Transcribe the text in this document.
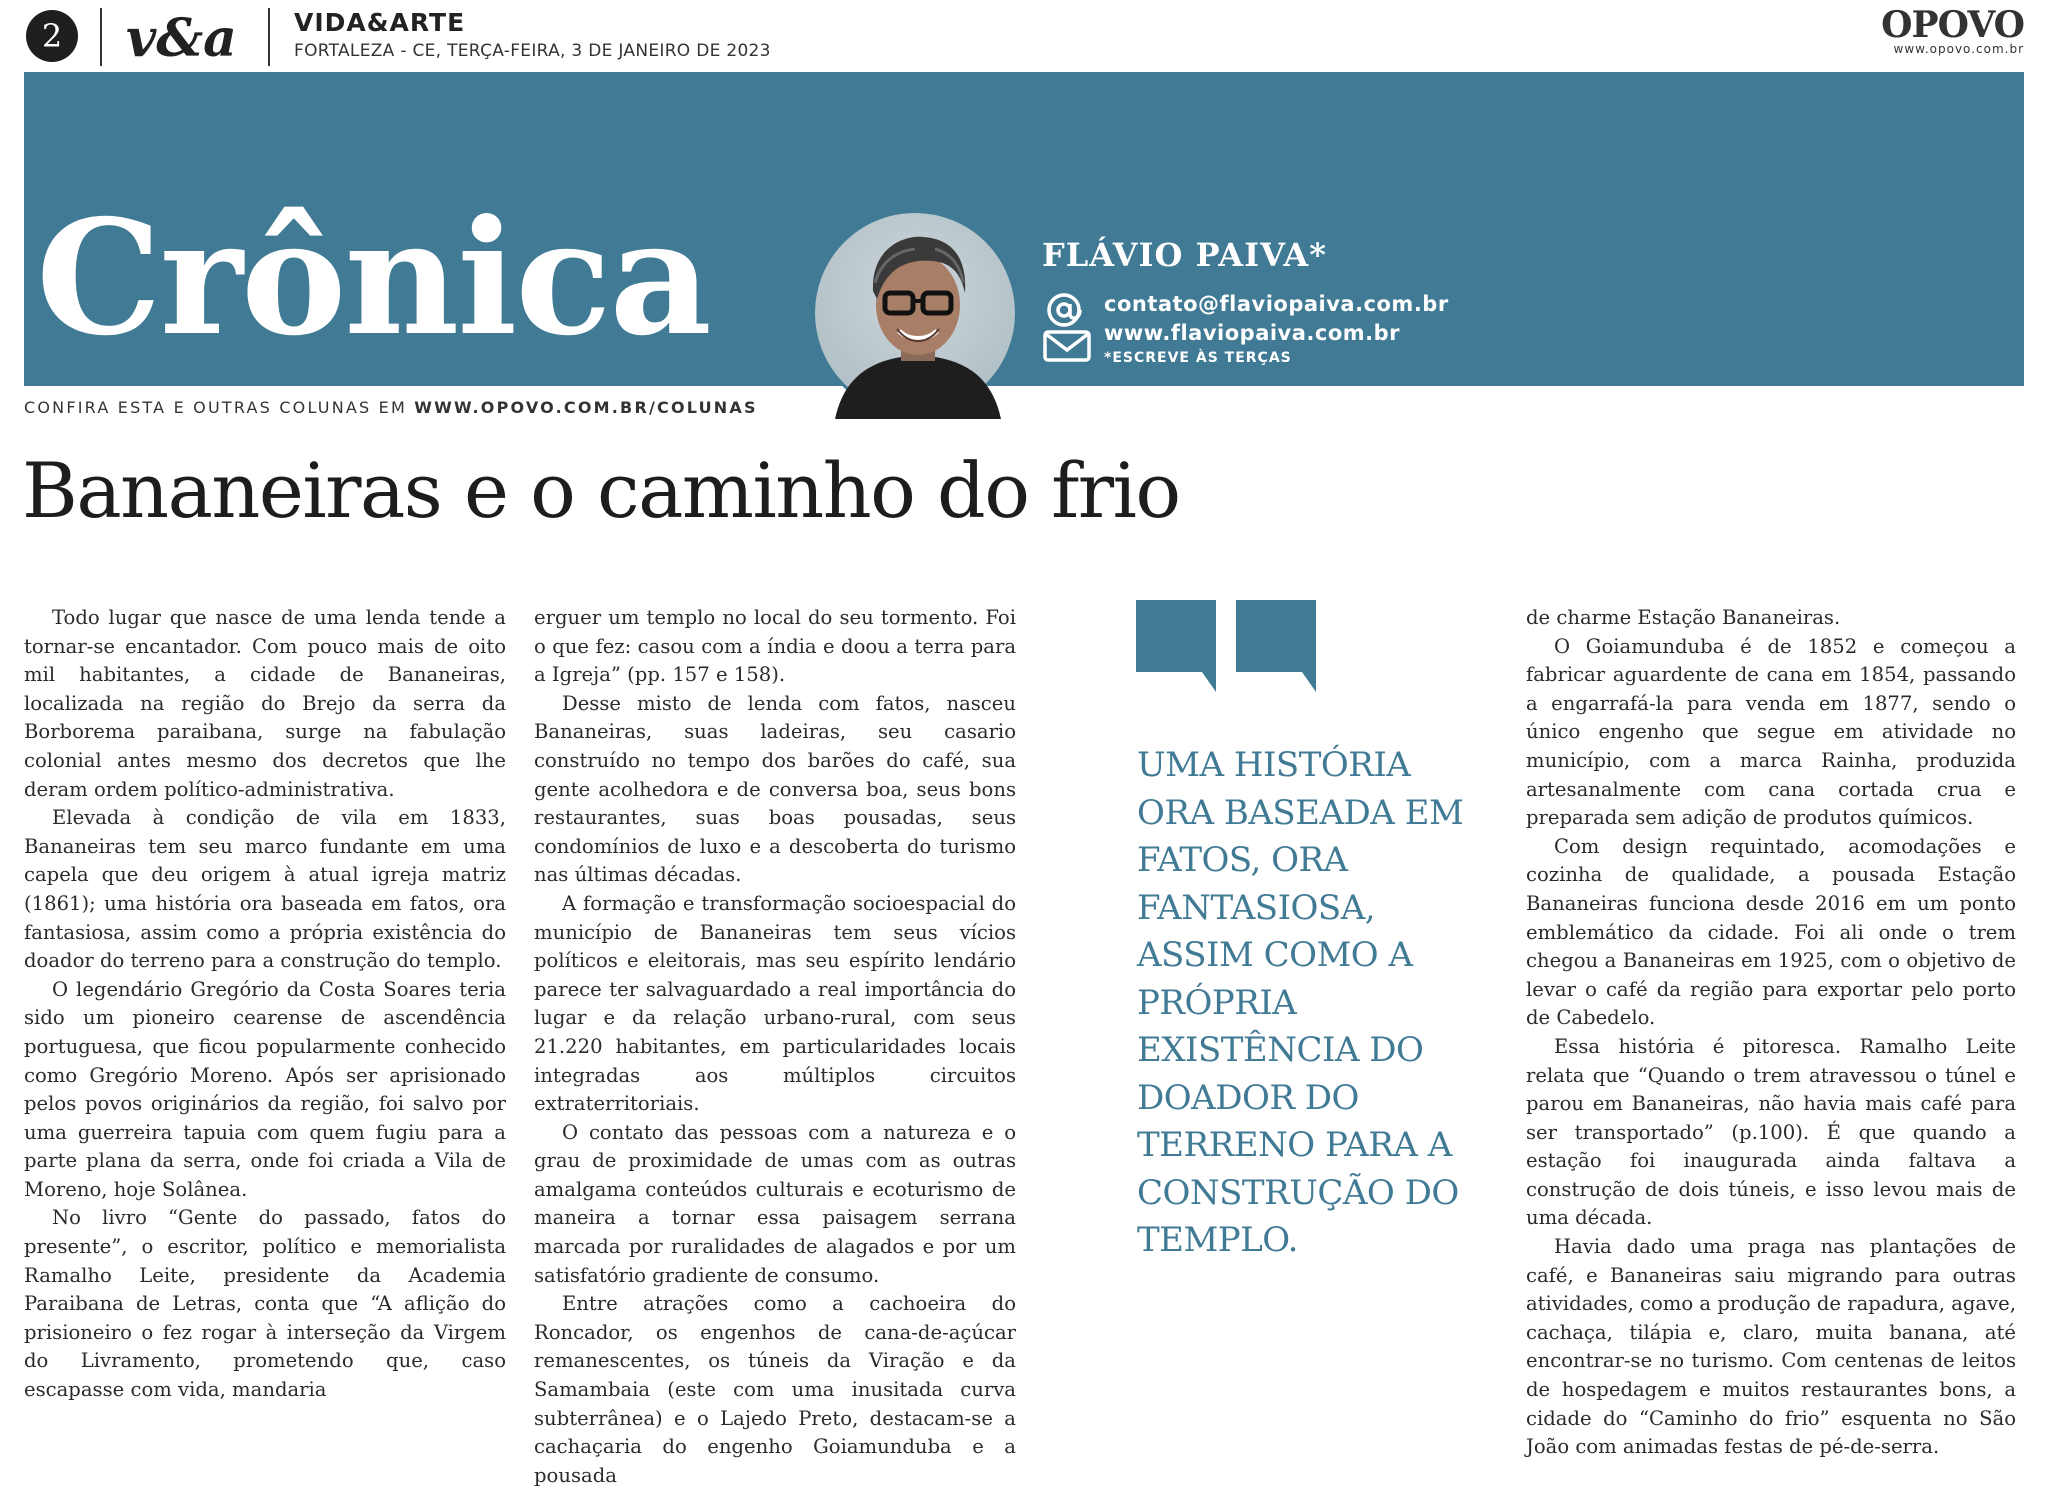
2 v&a VIDA&ARTE
FORTALEZA - CE, TERÇA-FEIRA, 3 DE JANEIRO DE 2023
OPOVO
www.opovo.com.br
Crônica	FLÁVIO PAIVA*
contato@flaviopaiva.com.br
www.flaviopaiva.com.br
*ESCREVE ÀS TERÇAS
CONFIRA ESTA E OUTRAS COLUNAS EM WWW.OPOVO.COM.BR/COLUNAS
Bananeiras e o caminho do frio

Todo lugar que nasce de uma lenda tende a tornar-se encantador. Com pouco mais de oito mil habitantes, a cidade de Bananeiras, localizada na região do Brejo da serra da Borborema paraibana, surge na fabulação colonial antes mesmo dos decretos que lhe deram ordem político-administrativa.

Elevada à condição de vila em 1833, Bananeiras tem seu marco fundante em uma capela que deu origem à atual igreja matriz (1861); uma história ora baseada em fatos, ora fantasiosa, assim como a própria existência do doador do terreno para a construção do templo.

O legendário Gregório da Costa Soares teria sido um pioneiro cearense de ascendência portuguesa, que ficou popularmente conhecido como Gregório Moreno. Após ser aprisionado pelos povos originários da região, foi salvo por uma guerreira tapuia com quem fugiu para a parte plana da serra, onde foi criada a Vila de Moreno, hoje Solânea.

No livro “Gente do passado, fatos do presente”, o escritor, político e memorialista Ramalho Leite, presidente da Academia Paraibana de Letras, conta que “A aflição do prisioneiro o fez rogar à interseção da Virgem do Livramento, prometendo que, caso escapasse com vida, mandaria

erguer um templo no local do seu tormento. Foi o que fez: casou com a índia e doou a terra para a Igreja” (pp. 157 e 158).

Desse misto de lenda com fatos, nasceu Bananeiras, suas ladeiras, seu casario construído no tempo dos barões do café, sua gente acolhedora e de conversa boa, seus bons restaurantes, suas boas pousadas, seus condomínios de luxo e a descoberta do turismo nas últimas décadas.

A formação e transformação socioespacial do município de Bananeiras tem seus vícios políticos e eleitorais, mas seu espírito lendário parece ter salvaguardado a real importância do lugar e da relação urbano-rural, com seus 21.220 habitantes, em particularidades locais integradas aos múltiplos circuitos extraterritoriais.

O contato das pessoas com a natureza e o grau de proximidade de umas com as outras amalgama conteúdos culturais e ecoturismo de maneira a tornar essa paisagem serrana marcada por ruralidades de alagados e por um satisfatório gradiente de consumo.

Entre atrações como a cachoeira do Roncador, os engenhos de cana-de-açúcar remanescentes, os túneis da Viração e da Samambaia (este com uma inusitada curva subterrânea) e o Lajedo Preto, destacam-se a cachaçaria do engenho Goiamunduba e a pousada

UMA HISTÓRIA ORA BASEADA EM FATOS, ORA FANTASIOSA, ASSIM COMO A PRÓPRIA EXISTÊNCIA DO DOADOR DO TERRENO PARA A CONSTRUÇÃO DO TEMPLO.

de charme Estação Bananeiras.

O Goiamunduba é de 1852 e começou a fabricar aguardente de cana em 1854, passando a engarrafá-la para venda em 1877, sendo o único engenho que segue em atividade no município, com a marca Rainha, produzida artesanalmente com cana cortada crua e preparada sem adição de produtos químicos.

Com design requintado, acomodações e cozinha de qualidade, a pousada Estação Bananeiras funciona desde 2016 em um ponto emblemático da cidade. Foi ali onde o trem chegou a Bananeiras em 1925, com o objetivo de levar o café da região para exportar pelo porto de Cabedelo.

Essa história é pitoresca. Ramalho Leite relata que “Quando o trem atravessou o túnel e parou em Bananeiras, não havia mais café para ser transportado” (p.100). É que quando a estação foi inaugurada ainda faltava a construção de dois túneis, e isso levou mais de uma década.

Havia dado uma praga nas plantações de café, e Bananeiras saiu migrando para outras atividades, como a produção de rapadura, agave, cachaça, tilápia e, claro, muita banana, até encontrar-se no turismo. Com centenas de leitos de hospedagem e muitos restaurantes bons, a cidade do “Caminho do frio” esquenta no São João com animadas festas de pé-de-serra.
